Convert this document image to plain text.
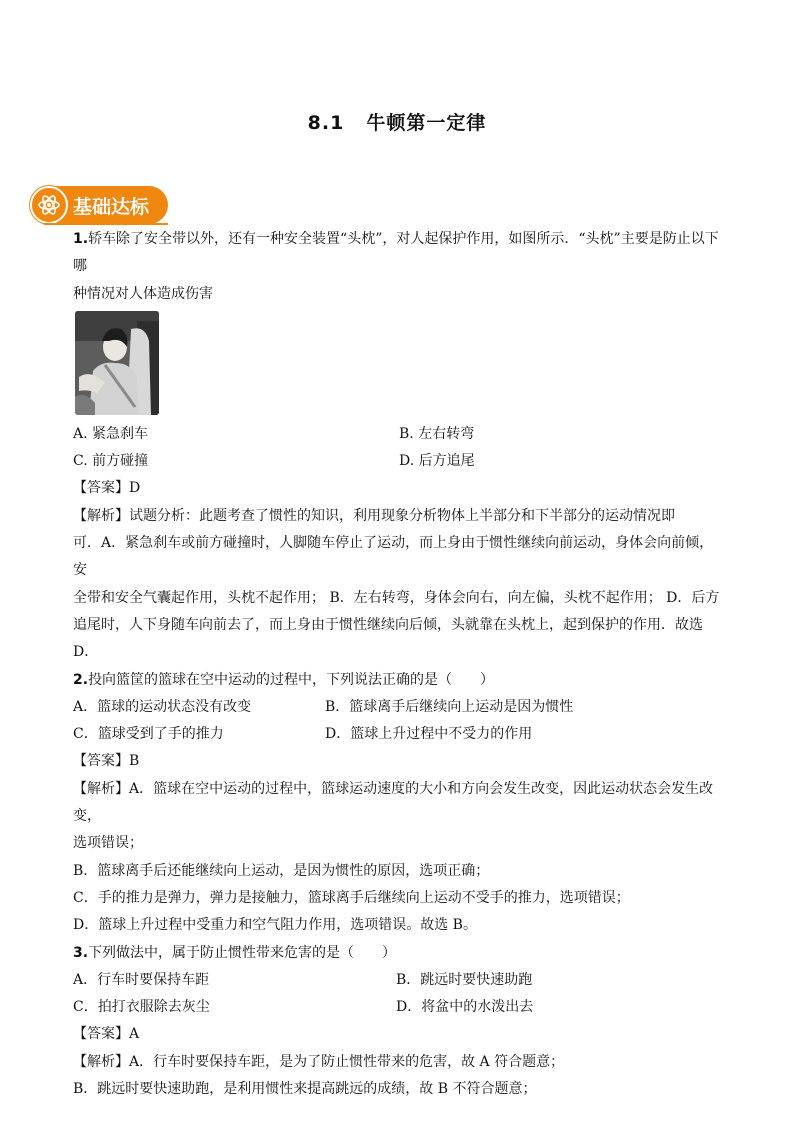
8.1 牛顿第一定律
基础达标

1.轿车除了安全带以外，还有一种安全装置“头枕”，对人起保护作用，如图所示．“头枕”主要是防止以下哪

种情况对人体造成伤害

A. 紧急刹车	B. 左右转弯
C. 前方碰撞	D. 后方追尾

【答案】D

【解析】试题分析：此题考查了惯性的知识，利用现象分析物体上半部分和下半部分的运动情况即

可．A．紧急刹车或前方碰撞时，人脚随车停止了运动，而上身由于惯性继续向前运动，身体会向前倾，安

全带和安全气囊起作用，头枕不起作用； B．左右转弯，身体会向右，向左偏，头枕不起作用； D．后方

追尾时，人下身随车向前去了，而上身由于惯性继续向后倾，头就靠在头枕上，起到保护的作用．故选

D．

2.投向篮筐的篮球在空中运动的过程中，下列说法正确的是（　　）

A．篮球的运动状态没有改变	B．篮球离手后继续向上运动是因为惯性
C．篮球受到了手的推力	D．篮球上升过程中不受力的作用

【答案】B

【解析】A．篮球在空中运动的过程中，篮球运动速度的大小和方向会发生改变，因此运动状态会发生改变，

选项错误；

B．篮球离手后还能继续向上运动，是因为惯性的原因，选项正确；

C．手的推力是弹力，弹力是接触力，篮球离手后继续向上运动不受手的推力，选项错误；

D．篮球上升过程中受重力和空气阻力作用，选项错误。故选 B。

3.下列做法中，属于防止惯性带来危害的是（　　）

A．行车时要保持车距	B．跳远时要快速助跑
C．拍打衣服除去灰尘	D．将盆中的水泼出去

【答案】A

【解析】A．行车时要保持车距，是为了防止惯性带来的危害，故 A 符合题意；

B．跳远时要快速助跑，是利用惯性来提高跳远的成绩，故 B 不符合题意；
